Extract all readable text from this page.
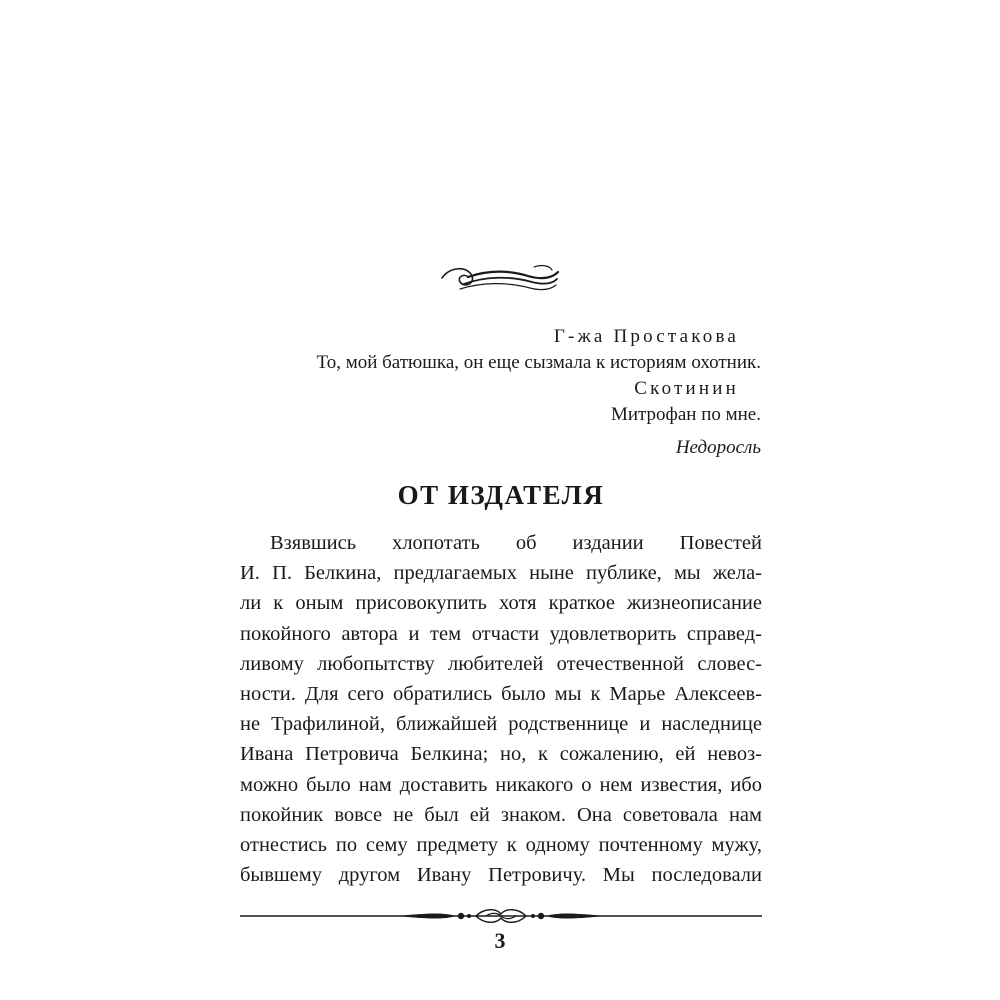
Г-жа Простакова
То, мой батюшка, он еще сызмала к историям охотник.
Скотинин
Митрофан по мне.
Недоросль
ОТ ИЗДАТЕЛЯ
Взявшись хлопотать об издании Повестей
И. П. Белкина, предлагаемых ныне публике, мы жела-
ли к оным присовокупить хотя краткое жизнеописание
покойного автора и тем отчасти удовлетворить справед-
ливому любопытству любителей отечественной словес-
ности. Для сего обратились было мы к Марье Алексеев-
не Трафилиной, ближайшей родственнице и наследнице
Ивана Петровича Белкина; но, к сожалению, ей невоз-
можно было нам доставить никакого о нем известия, ибо
покойник вовсе не был ей знаком. Она советовала нам
отнестись по сему предмету к одному почтенному мужу,
бывшему другом Ивану Петровичу. Мы последовали
3
